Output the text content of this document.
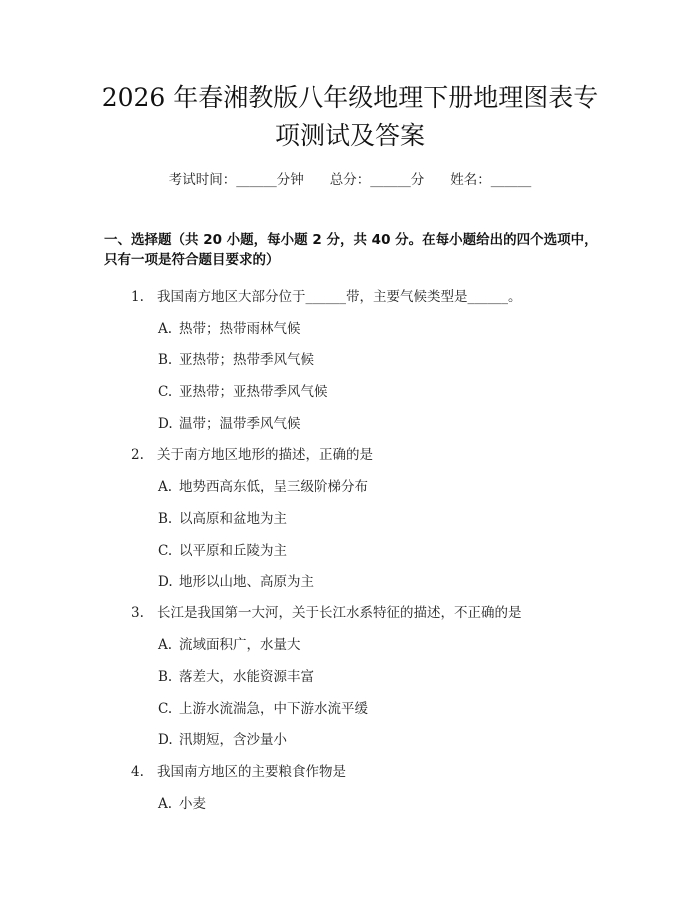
2026 年春湘教版八年级地理下册地理图表专
项测试及答案
考试时间：______分钟 总分：______分 姓名：______
一、选择题（共 20 小题，每小题 2 分，共 40 分。在每小题给出的四个选项中，
只有一项是符合题目要求的）
1. 我国南方地区大部分位于______带，主要气候类型是______。
A. 热带；热带雨林气候
B. 亚热带；热带季风气候
C. 亚热带；亚热带季风气候
D. 温带；温带季风气候
2. 关于南方地区地形的描述，正确的是
A. 地势西高东低，呈三级阶梯分布
B. 以高原和盆地为主
C. 以平原和丘陵为主
D. 地形以山地、高原为主
3. 长江是我国第一大河，关于长江水系特征的描述，不正确的是
A. 流域面积广，水量大
B. 落差大，水能资源丰富
C. 上游水流湍急，中下游水流平缓
D. 汛期短，含沙量小
4. 我国南方地区的主要粮食作物是
A. 小麦
